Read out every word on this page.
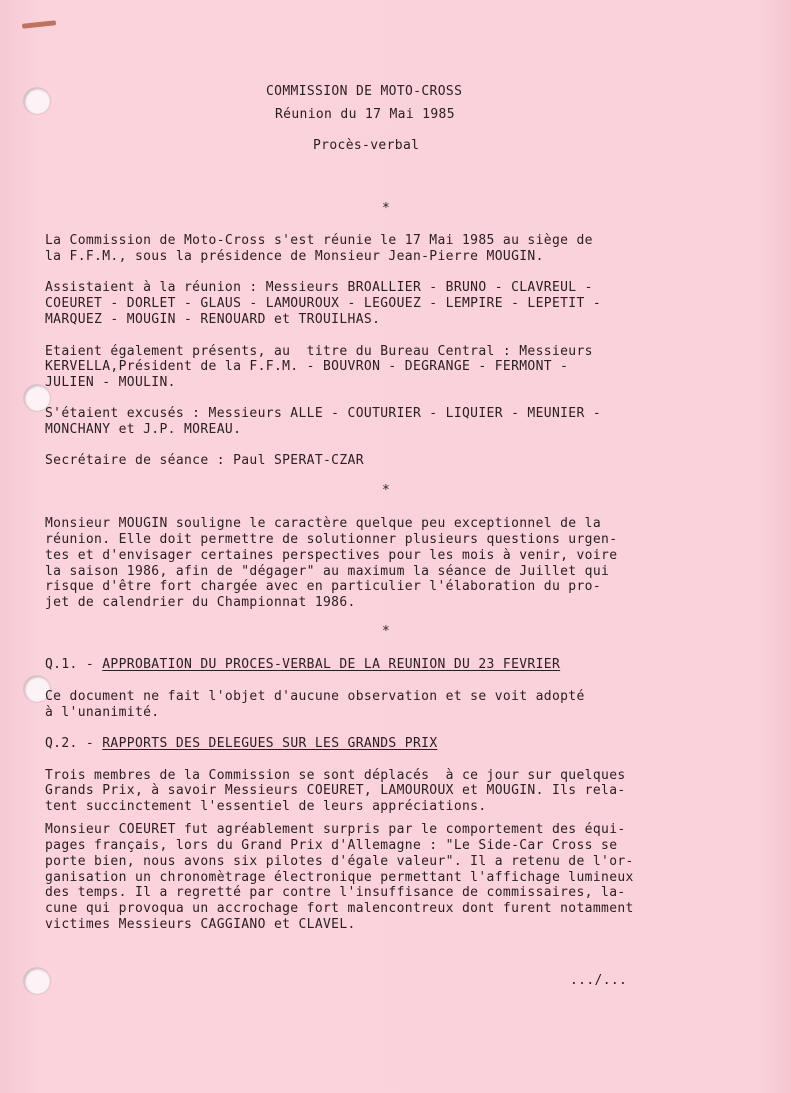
COMMISSION DE MOTO-CROSS
Réunion du 17 Mai 1985
Procès-verbal
*
La Commission de Moto-Cross s'est réunie le 17 Mai 1985 au siège de
la F.F.M., sous la présidence de Monsieur Jean-Pierre MOUGIN.
Assistaient à la réunion : Messieurs BROALLIER - BRUNO - CLAVREUL -
COEURET - DORLET - GLAUS - LAMOUROUX - LEGOUEZ - LEMPIRE - LEPETIT -
MARQUEZ - MOUGIN - RENOUARD et TROUILHAS.
Etaient également présents, au  titre du Bureau Central : Messieurs
KERVELLA,Président de la F.F.M. - BOUVRON - DEGRANGE - FERMONT -
JULIEN - MOULIN.
S'étaient excusés : Messieurs ALLE - COUTURIER - LIQUIER - MEUNIER -
MONCHANY et J.P. MOREAU.
Secrétaire de séance : Paul SPERAT-CZAR
*
Monsieur MOUGIN souligne le caractère quelque peu exceptionnel de la
réunion. Elle doit permettre de solutionner plusieurs questions urgen-
tes et d'envisager certaines perspectives pour les mois à venir, voire
la saison 1986, afin de "dégager" au maximum la séance de Juillet qui
risque d'être fort chargée avec en particulier l'élaboration du pro-
jet de calendrier du Championnat 1986.
*
Q.1. - APPROBATION DU PROCES-VERBAL DE LA REUNION DU 23 FEVRIER
Ce document ne fait l'objet d'aucune observation et se voit adopté
à l'unanimité.
Q.2. - RAPPORTS DES DELEGUES SUR LES GRANDS PRIX
Trois membres de la Commission se sont déplacés  à ce jour sur quelques
Grands Prix, à savoir Messieurs COEURET, LAMOUROUX et MOUGIN. Ils rela-
tent succinctement l'essentiel de leurs appréciations.
Monsieur COEURET fut agréablement surpris par le comportement des équi-
pages français, lors du Grand Prix d'Allemagne : "Le Side-Car Cross se
porte bien, nous avons six pilotes d'égale valeur". Il a retenu de l'or-
ganisation un chronomètrage électronique permettant l'affichage lumineux
des temps. Il a regretté par contre l'insuffisance de commissaires, la-
cune qui provoqua un accrochage fort malencontreux dont furent notamment
victimes Messieurs CAGGIANO et CLAVEL.
.../...
